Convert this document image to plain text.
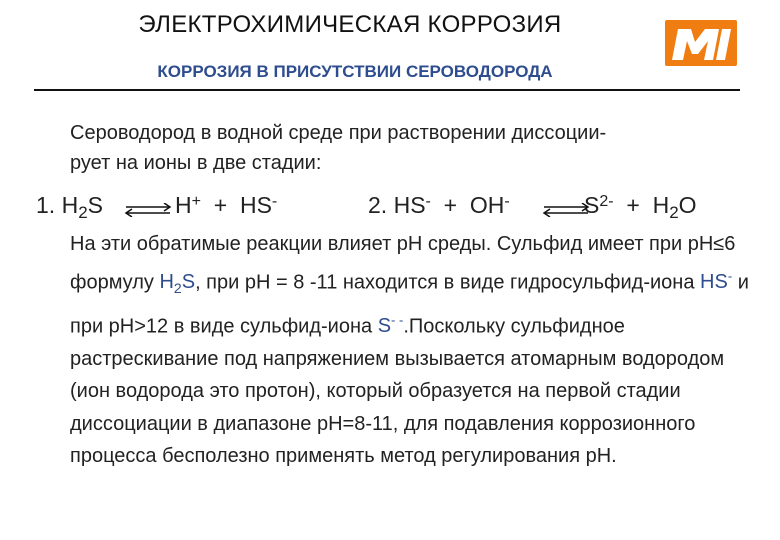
ЭЛЕКТРОХИМИЧЕСКАЯ КОРРОЗИЯ
КОРРОЗИЯ В ПРИСУТСТВИИ СЕРОВОДОРОДА
Сероводород в водной среде при растворении диссоции-
рует на ионы в две стадии:
1. $H_2S$ ⇌ H+ + HS-	2. HS- + OH-	$S^{2-} + H_2O$
На эти обратимые реакции влияет рН среды. Сульфид имеет при рН≤6 формулу $H_2S$, при рН = 8 -11 находится в виде гидросульфид-иона HS- и при рН>12 в виде сульфид-иона S- -.Поскольку сульфидное растрескивание под напряжением вызывается атомарным водородом (ион водорода это протон), который образуется на первой стадии диссоциации в диапазоне рН=8-11, для подавления коррозионного процесса бесполезно применять метод регулирования рН.
